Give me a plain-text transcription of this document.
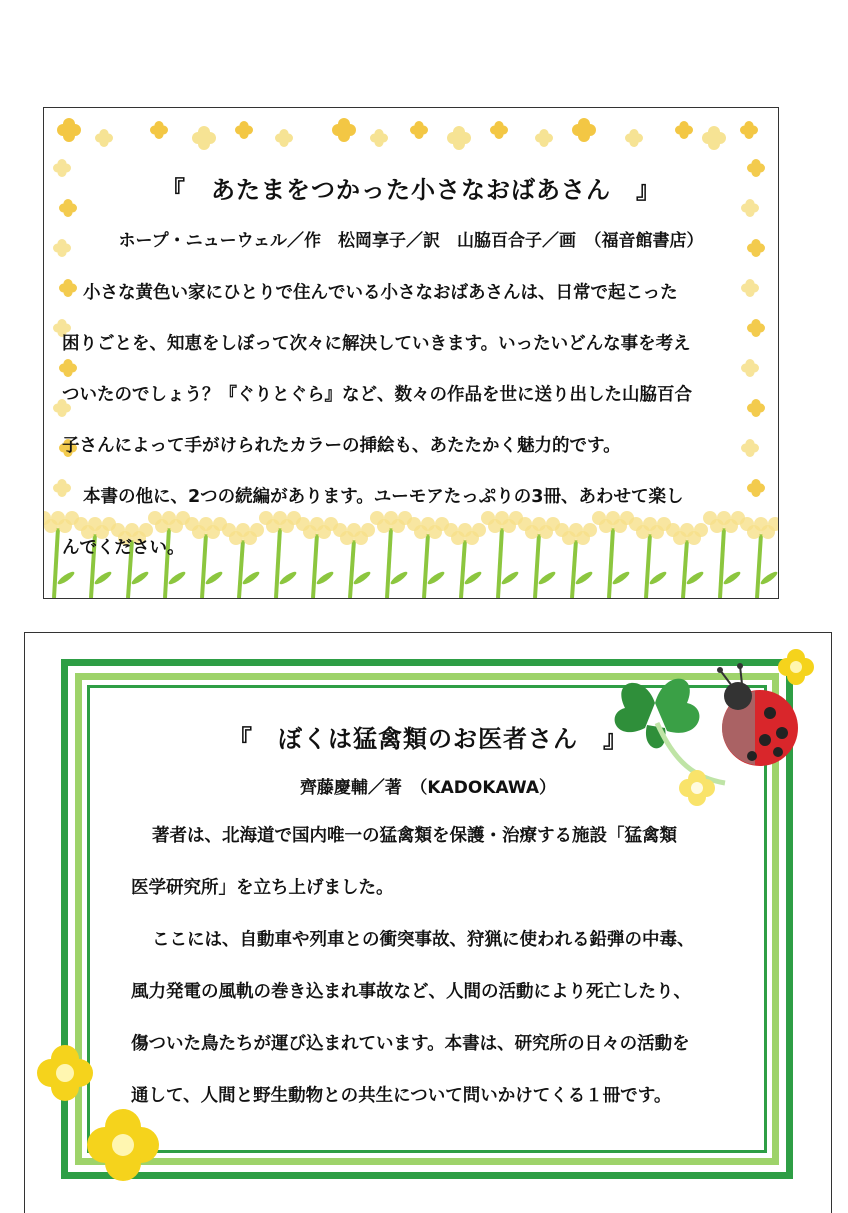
『　あたまをつかった小さなおばあさん　』
ホープ・ニューウェル／作　松岡享子／訳　山脇百合子／画　（福音館書店）

小さな黄色い家にひとりで住んでいる小さなおばあさんは、日常で起こった

困りごとを、知恵をしぼって次々に解決していきます。いったいどんな事を考え

ついたのでしょう？『ぐりとぐら』など、数々の作品を世に送り出した山脇百合

子さんによって手がけられたカラーの挿絵も、あたたかく魅力的です。

本書の他に、2つの続編があります。ユーモアたっぷりの3冊、あわせて楽し

んでください。

『　ぼくは猛禽類のお医者さん　』
齊藤慶輔／著　（KADOKAWA）

著者は、北海道で国内唯一の猛禽類を保護・治療する施設「猛禽類

医学研究所」を立ち上げました。

ここには、自動車や列車との衝突事故、狩猟に使われる鉛弾の中毒、

風力発電の風軌の巻き込まれ事故など、人間の活動により死亡したり、

傷ついた鳥たちが運び込まれています。本書は、研究所の日々の活動を

通して、人間と野生動物との共生について問いかけてくる１冊です。
